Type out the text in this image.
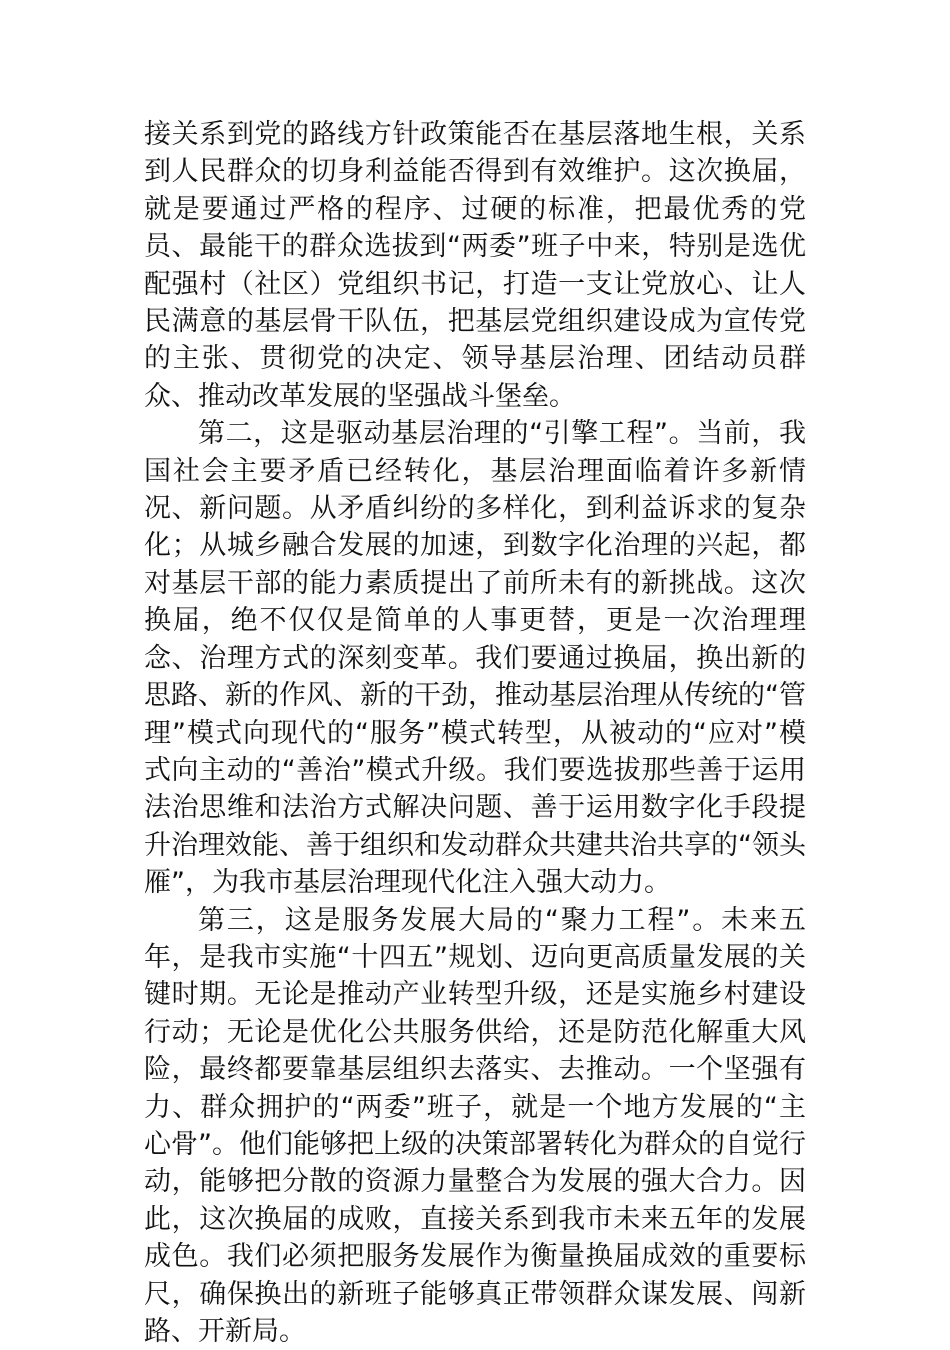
接关系到党的路线方针政策能否在基层落地生根，关系到人民群众的切身利益能否得到有效维护。这次换届，就是要通过严格的程序、过硬的标准，把最优秀的党员、最能干的群众选拔到“两委”班子中来，特别是选优配强村（社区）党组织书记，打造一支让党放心、让人民满意的基层骨干队伍，把基层党组织建设成为宣传党的主张、贯彻党的决定、领导基层治理、团结动员群众、推动改革发展的坚强战斗堡垒。

第二，这是驱动基层治理的“引擎工程”。当前，我国社会主要矛盾已经转化，基层治理面临着许多新情况、新问题。从矛盾纠纷的多样化，到利益诉求的复杂化；从城乡融合发展的加速，到数字化治理的兴起，都对基层干部的能力素质提出了前所未有的新挑战。这次换届，绝不仅仅是简单的人事更替，更是一次治理理念、治理方式的深刻变革。我们要通过换届，换出新的思路、新的作风、新的干劲，推动基层治理从传统的“管理”模式向现代的“服务”模式转型，从被动的“应对”模式向主动的“善治”模式升级。我们要选拔那些善于运用法治思维和法治方式解决问题、善于运用数字化手段提升治理效能、善于组织和发动群众共建共治共享的“领头雁”，为我市基层治理现代化注入强大动力。

第三，这是服务发展大局的“聚力工程”。未来五年，是我市实施“十四五”规划、迈向更高质量发展的关键时期。无论是推动产业转型升级，还是实施乡村建设行动；无论是优化公共服务供给，还是防范化解重大风险，最终都要靠基层组织去落实、去推动。一个坚强有力、群众拥护的“两委”班子，就是一个地方发展的“主心骨”。他们能够把上级的决策部署转化为群众的自觉行动，能够把分散的资源力量整合为发展的强大合力。因此，这次换届的成败，直接关系到我市未来五年的发展成色。我们必须把服务发展作为衡量换届成效的重要标尺，确保换出的新班子能够真正带领群众谋发展、闯新路、开新局。
